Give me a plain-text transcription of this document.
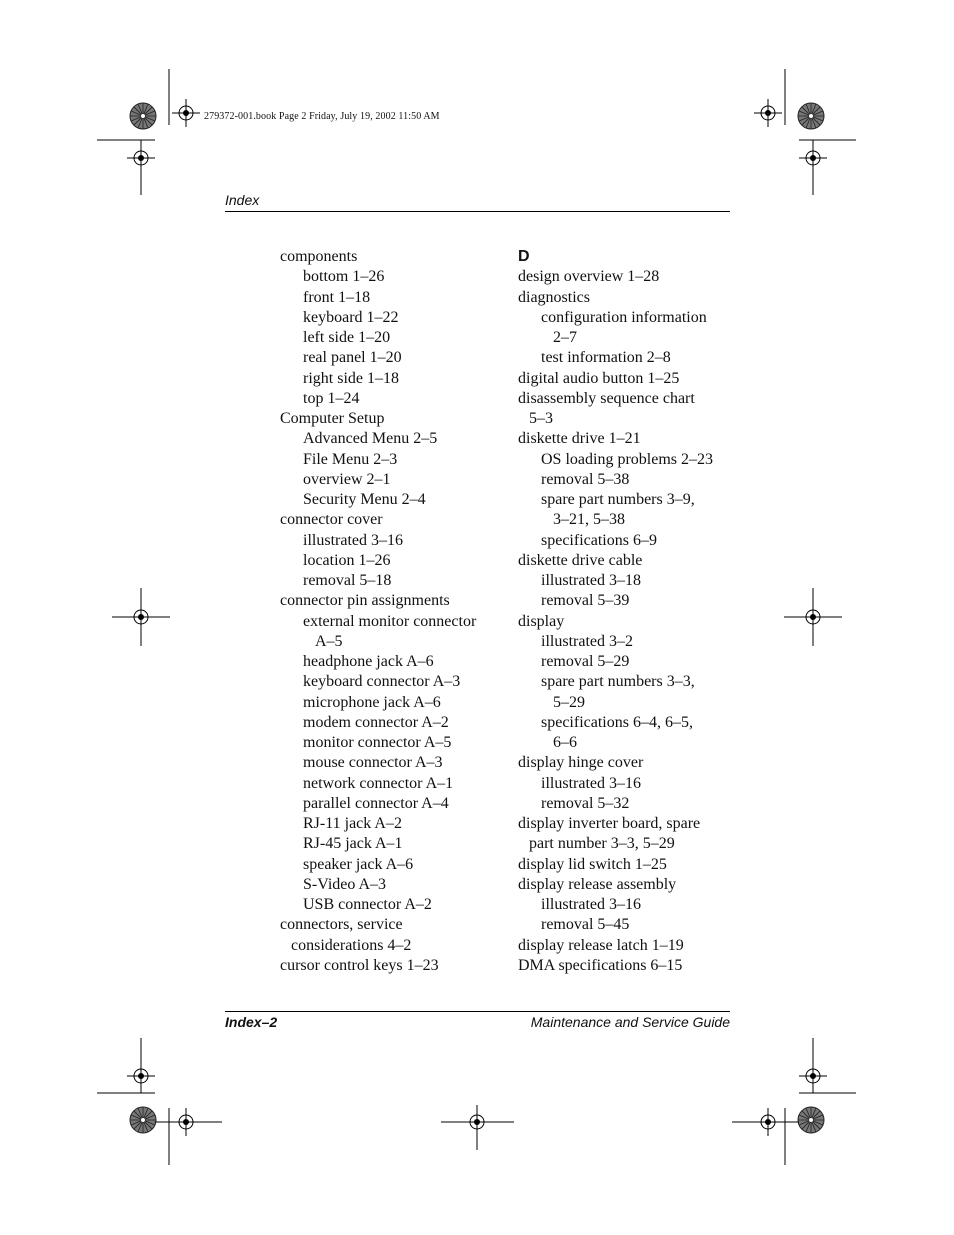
279372-001.book Page 2 Friday, July 19, 2002 11:50 AM
Index
components
bottom 1–26
front 1–18
keyboard 1–22
left side 1–20
real panel 1–20
right side 1–18
top 1–24
Computer Setup
Advanced Menu 2–5
File Menu 2–3
overview 2–1
Security Menu 2–4
connector cover
illustrated 3–16
location 1–26
removal 5–18
connector pin assignments
external monitor connector
A–5
headphone jack A–6
keyboard connector A–3
microphone jack A–6
modem connector A–2
monitor connector A–5
mouse connector A–3
network connector A–1
parallel connector A–4
RJ-11 jack A–2
RJ-45 jack A–1
speaker jack A–6
S-Video A–3
USB connector A–2
connectors, service
considerations 4–2
cursor control keys 1–23
D
design overview 1–28
diagnostics
configuration information
2–7
test information 2–8
digital audio button 1–25
disassembly sequence chart
5–3
diskette drive 1–21
OS loading problems 2–23
removal 5–38
spare part numbers 3–9,
3–21, 5–38
specifications 6–9
diskette drive cable
illustrated 3–18
removal 5–39
display
illustrated 3–2
removal 5–29
spare part numbers 3–3,
5–29
specifications 6–4, 6–5,
6–6
display hinge cover
illustrated 3–16
removal 5–32
display inverter board, spare
part number 3–3, 5–29
display lid switch 1–25
display release assembly
illustrated 3–16
removal 5–45
display release latch 1–19
DMA specifications 6–15
Index–2	Maintenance and Service Guide
